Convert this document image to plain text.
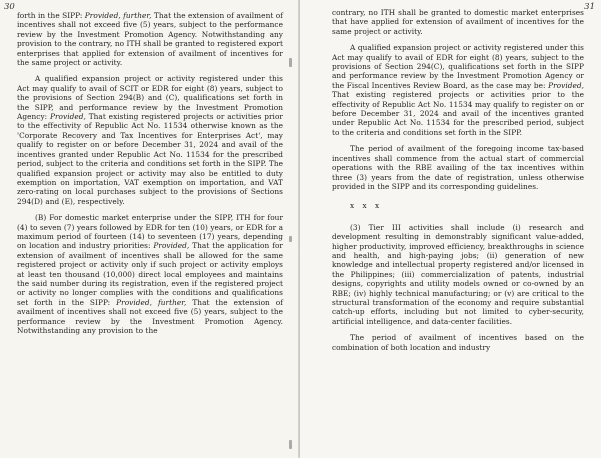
30

forth in the SIPP: Provided, further, That the extension of availment of incentives shall not exceed five (5) years, subject to the performance review by the Investment Promotion Agency. Notwithstanding any provision to the contrary, no ITH shall be granted to registered export enterprises that applied for extension of availment of incentives for the same project or activity.

A qualified expansion project or activity registered under this Act may qualify to avail of SCIT or EDR for eight (8) years, subject to the provisions of Section 294(B) and (C), qualifications set forth in the SIPP, and performance review by the Investment Promotion Agency: Provided, That existing registered projects or activities prior to the effectivity of Republic Act No. 11534 otherwise known as the 'Corporate Recovery and Tax Incentives for Enterprises Act', may qualify to register on or before December 31, 2024 and avail of the incentives granted under Republic Act No. 11534 for the prescribed period, subject to the criteria and conditions set forth in the SIPP. The qualified expansion project or activity may also be entitled to duty exemption on importation, VAT exemption on importation, and VAT zero-rating on local purchases subject to the provisions of Sections 294(D) and (E), respectively.

(B) For domestic market enterprise under the SIPP, ITH for four (4) to seven (7) years followed by EDR for ten (10) years, or EDR for a maximum period of fourteen (14) to seventeen (17) years, depending on location and industry priorities: Provided, That the application for extension of availment of incentives shall be allowed for the same registered project or activity only if such project or activity employs at least ten thousand (10,000) direct local employees and maintains the said number during its registration, even if the registered project or activity no longer complies with the conditions and qualifications set forth in the SIPP: Provided, further, That the extension of availment of incentives shall not exceed five (5) years, subject to the performance review by the Investment Promotion Agency. Notwithstanding any provision to the

31

contrary, no ITH shall be granted to domestic market enterprises that have applied for extension of availment of incentives for the same project or activity.

A qualified expansion project or activity registered under this Act may qualify to avail of EDR for eight (8) years, subject to the provisions of Section 294(C), qualifications set forth in the SIPP and performance review by the Investment Promotion Agency or the Fiscal Incentives Review Board, as the case may be: Provided, That existing registered projects or activities prior to the effectivity of Republic Act No. 11534 may qualify to register on or before December 31, 2024 and avail of the incentives granted under Republic Act No. 11534 for the prescribed period, subject to the criteria and conditions set forth in the SIPP.

The period of availment of the foregoing income tax-based incentives shall commence from the actual start of commercial operations with the RBE availing of the tax incentives within three (3) years from the date of registration, unless otherwise provided in the SIPP and its corresponding guidelines.

x x x

(3) Tier III activities shall include (i) research and development resulting in demonstrably significant value-added, higher productivity, improved efficiency, breakthroughs in science and health, and high-paying jobs; (ii) generation of new knowledge and intellectual property registered and/or licensed in the Philippines; (iii) commercialization of patents, industrial designs, copyrights and utility models owned or co-owned by an RBE; (iv) highly technical manufacturing; or (v) are critical to the structural transformation of the economy and require substantial catch-up efforts, including but not limited to cyber-security, artificial intelligence, and data-center facilities.

The period of availment of incentives based on the combination of both location and industry
